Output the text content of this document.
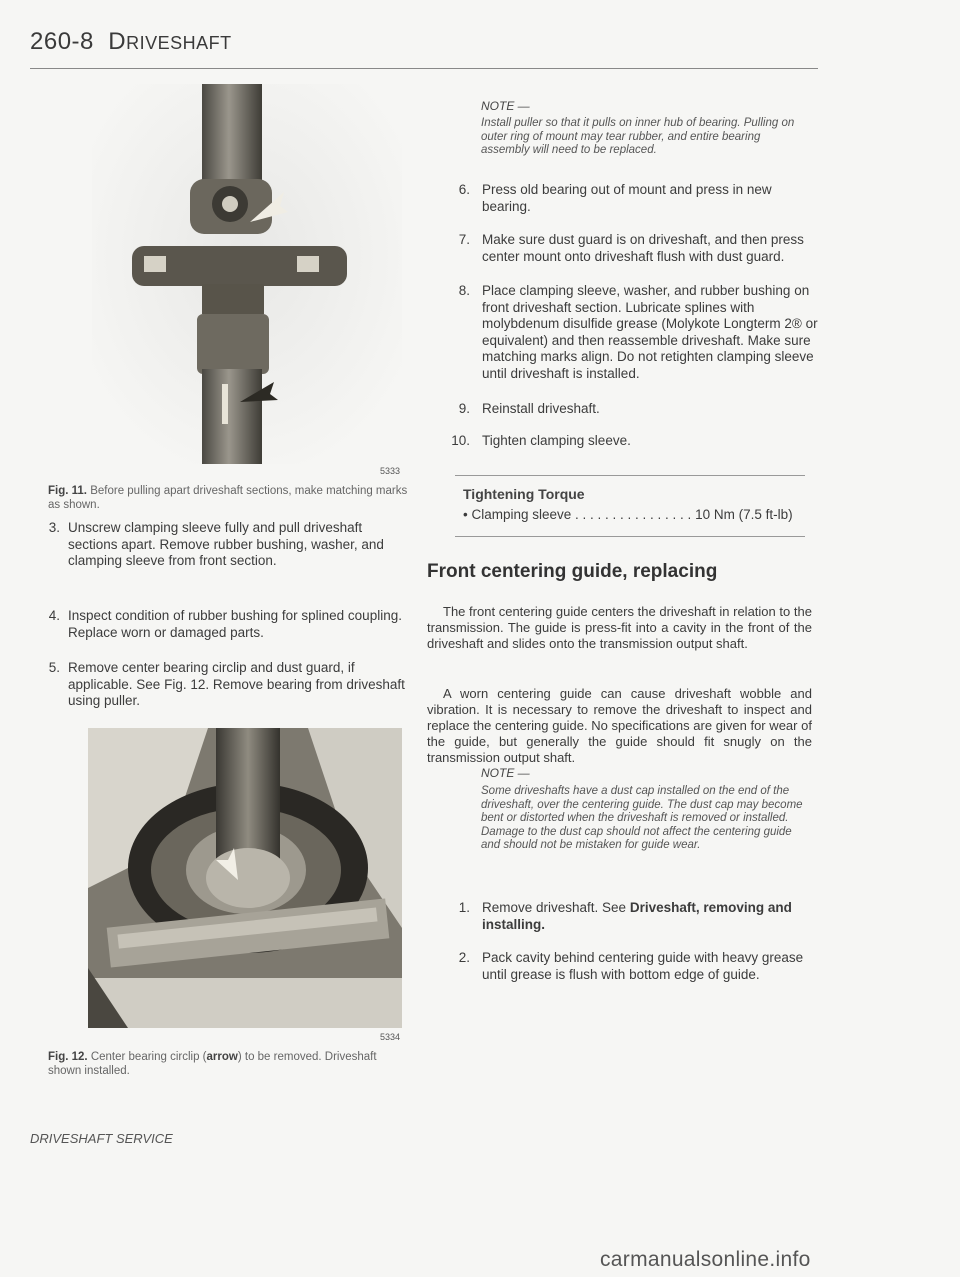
260-8 DRIVESHAFT
5333
Fig. 11. Before pulling apart driveshaft sections, make matching marks as shown.
3. Unscrew clamping sleeve fully and pull driveshaft sections apart. Remove rubber bushing, washer, and clamping sleeve from front section.
4. Inspect condition of rubber bushing for splined coupling. Replace worn or damaged parts.
5. Remove center bearing circlip and dust guard, if applicable. See Fig. 12. Remove bearing from driveshaft using puller.
5334
Fig. 12. Center bearing circlip (arrow) to be removed. Driveshaft shown installed.
NOTE —
Install puller so that it pulls on inner hub of bearing. Pulling on outer ring of mount may tear rubber, and entire bearing assembly will need to be replaced.
6. Press old bearing out of mount and press in new bearing.
7. Make sure dust guard is on driveshaft, and then press center mount onto driveshaft flush with dust guard.
8. Place clamping sleeve, washer, and rubber bushing on front driveshaft section. Lubricate splines with molybdenum disulfide grease (Molykote Longterm 2® or equivalent) and then reassemble driveshaft. Make sure matching marks align. Do not retighten clamping sleeve until driveshaft is installed.
9. Reinstall driveshaft.
10. Tighten clamping sleeve.
Tightening Torque
• Clamping sleeve . . . . . . . . . . . . . . . . 10 Nm (7.5 ft-lb)
Front centering guide, replacing
The front centering guide centers the driveshaft in relation to the transmission. The guide is press-fit into a cavity in the front of the driveshaft and slides onto the transmission output shaft.
A worn centering guide can cause driveshaft wobble and vibration. It is necessary to remove the driveshaft to inspect and replace the centering guide. No specifications are given for wear of the guide, but generally the guide should fit snugly on the transmission output shaft.
NOTE —
Some driveshafts have a dust cap installed on the end of the driveshaft, over the centering guide. The dust cap may become bent or distorted when the driveshaft is removed or installed. Damage to the dust cap should not affect the centering guide and should not be mistaken for guide wear.
1. Remove driveshaft. See Driveshaft, removing and installing.
2. Pack cavity behind centering guide with heavy grease until grease is flush with bottom edge of guide.
DRIVESHAFT SERVICE
carmanualsonline.info
